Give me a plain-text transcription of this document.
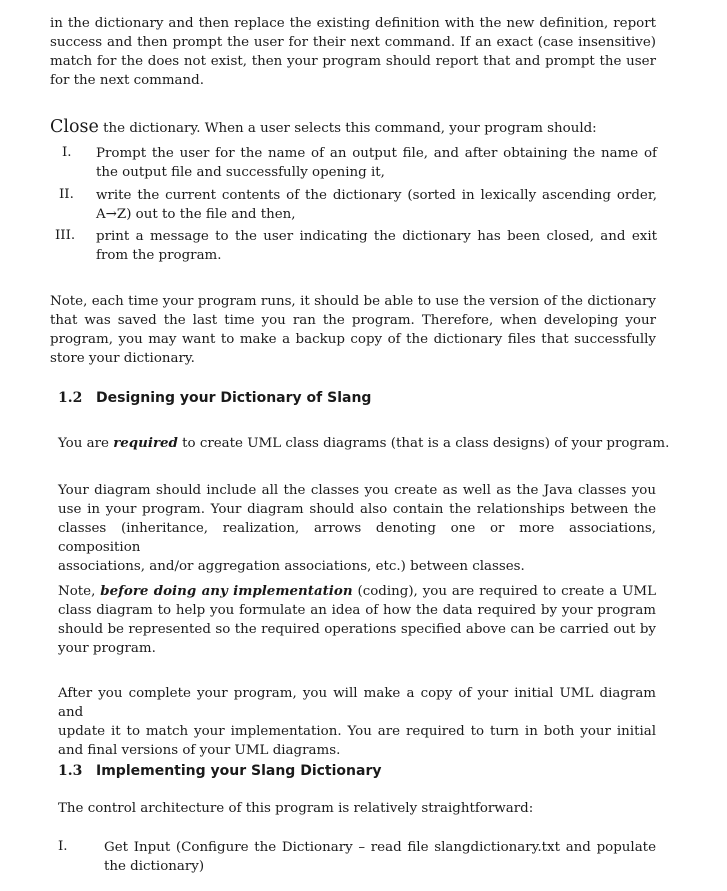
in the dictionary and then replace the existing definition with the new definition, report
success and then prompt the user for their next command. If an exact (case insensitive)
match for the does not exist, then your program should report that and prompt the user
for the next command.
Close the dictionary. When a user selects this command, your program should:
I. Prompt the user for the name of an output file, and after obtaining the name of
the output file and successfully opening it,
II. write the current contents of the dictionary (sorted in lexically ascending order,
A→Z) out to the file and then,
III. print a message to the user indicating the dictionary has been closed, and exit
from the program.
Note, each time your program runs, it should be able to use the version of the dictionary
that was saved the last time you ran the program. Therefore, when developing your
program, you may want to make a backup copy of the dictionary files that successfully
store your dictionary.
1.2 Designing your Dictionary of Slang
You are required to create UML class diagrams (that is a class designs) of your program.
Your diagram should include all the classes you create as well as the Java classes you
use in your program. Your diagram should also contain the relationships between the
classes (inheritance, realization, arrows denoting one or more associations, composition
associations, and/or aggregation associations, etc.) between classes.
Note, before doing any implementation (coding), you are required to create a UML
class diagram to help you formulate an idea of how the data required by your program
should be represented so the required operations specified above can be carried out by
your program.
After you complete your program, you will make a copy of your initial UML diagram and
update it to match your implementation. You are required to turn in both your initial
and final versions of your UML diagrams.
1.3 Implementing your Slang Dictionary
The control architecture of this program is relatively straightforward:
I.	Get Input (Configure the Dictionary – read file slangdictionary.txt and populate
the dictionary)
